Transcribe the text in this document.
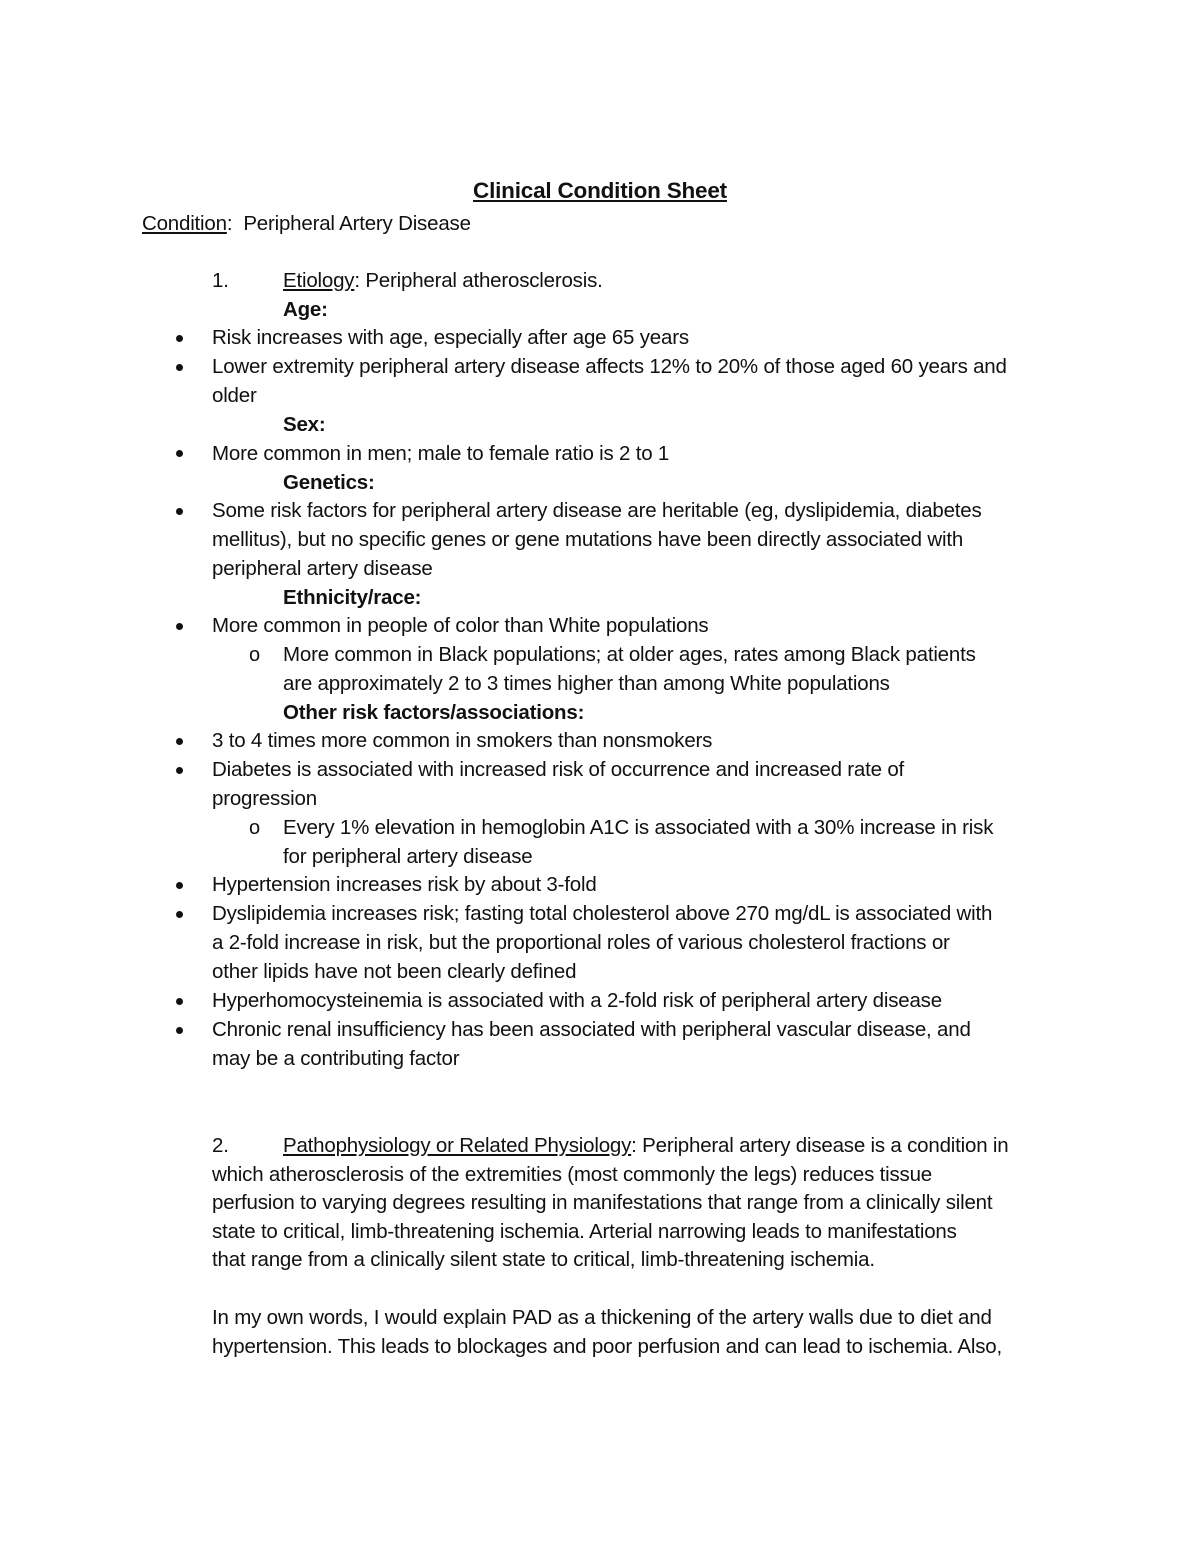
Clinical Condition Sheet
Condition: Peripheral Artery Disease
1.	Etiology: Peripheral atherosclerosis.
Age:
Risk increases with age, especially after age 65 years
Lower extremity peripheral artery disease affects 12% to 20% of those aged 60 years and
older
Sex:
More common in men; male to female ratio is 2 to 1
Genetics:
Some risk factors for peripheral artery disease are heritable (eg, dyslipidemia, diabetes
mellitus), but no specific genes or gene mutations have been directly associated with
peripheral artery disease
Ethnicity/race:
More common in people of color than White populations
o More common in Black populations; at older ages, rates among Black patients
are approximately 2 to 3 times higher than among White populations
Other risk factors/associations:
3 to 4 times more common in smokers than nonsmokers
Diabetes is associated with increased risk of occurrence and increased rate of
progression
o Every 1% elevation in hemoglobin A1C is associated with a 30% increase in risk
for peripheral artery disease
Hypertension increases risk by about 3-fold
Dyslipidemia increases risk; fasting total cholesterol above 270 mg/dL is associated with
a 2-fold increase in risk, but the proportional roles of various cholesterol fractions or
other lipids have not been clearly defined
Hyperhomocysteinemia is associated with a 2-fold risk of peripheral artery disease
Chronic renal insufficiency has been associated with peripheral vascular disease, and
may be a contributing factor
2.	Pathophysiology or Related Physiology: Peripheral artery disease is a condition in
which atherosclerosis of the extremities (most commonly the legs) reduces tissue
perfusion to varying degrees resulting in manifestations that range from a clinically silent
state to critical, limb-threatening ischemia. Arterial narrowing leads to manifestations
that range from a clinically silent state to critical, limb-threatening ischemia.
In my own words, I would explain PAD as a thickening of the artery walls due to diet and
hypertension. This leads to blockages and poor perfusion and can lead to ischemia. Also,
